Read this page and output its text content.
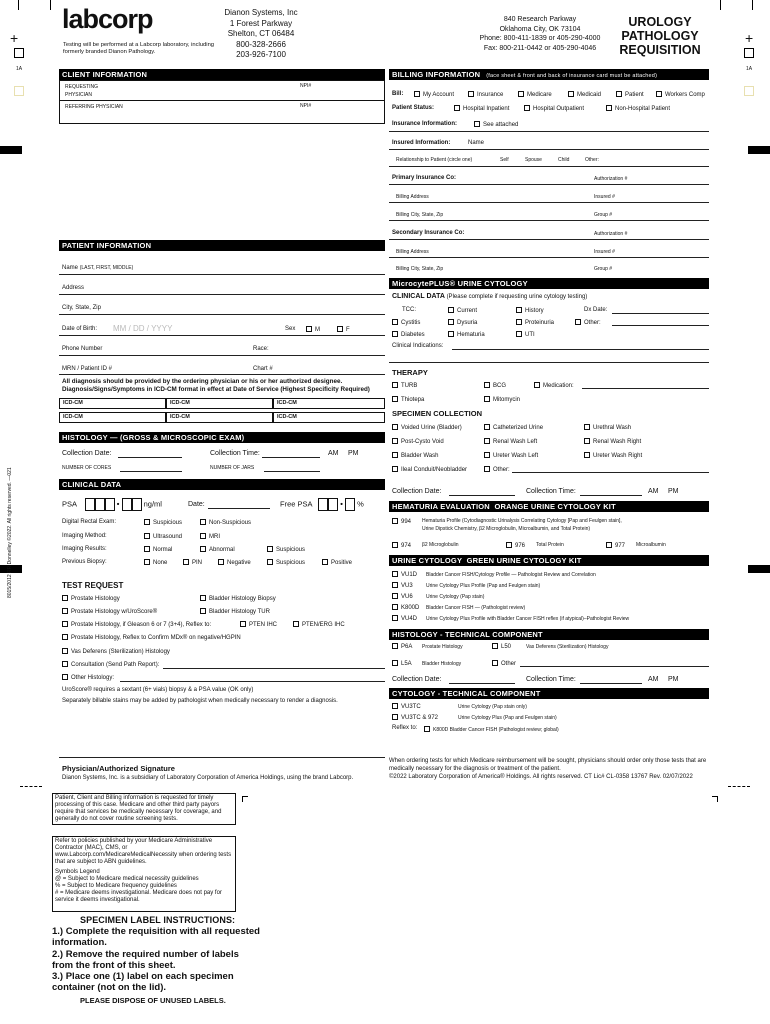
+	+
1A	1A
8015/2012 RR Donnelley ©2022. All rights reserved. —021
labcorp
Testing will be performed at a Labcorp laboratory, including formerly branded Dianon Pathology.
Dianon Systems, Inc
1 Forest Parkway
Shelton, CT 06484
800-328-2666
203-926-7100
840 Research Parkway
Oklahoma City, OK 73104
Phone: 800-411-1839 or 405-290-4000
Fax: 800-211-0442 or 405-290-4046
UROLOGY
PATHOLOGY
REQUISITION
CLIENT INFORMATION
REQUESTING PHYSICIAN
NPI#
REFERRING PHYSICIAN	NPI#
BILLING INFORMATION (face sheet & front and back of insurance card must be attached)
Bill:	My Account	Insurance	Medicare	Medicaid	Patient	Workers Comp
Patient Status:	Hospital Inpatient	Hospital Outpatient	Non-Hospital Patient
Insurance Information:	See attached
Insured Information:	Name
Relationship to Patient (circle one)	Self	Spouse	Child	Other:
Primary Insurance Co:	Authorization #
Billing Address	Insured #
Billing City, State, Zip	Group #
Secondary Insurance Co:	Authorization #
Billing Address	Insured #
Billing City, State, Zip	Group #
PATIENT INFORMATION
Name (LAST, FIRST, MIDDLE)
Address
City, State, Zip
Date of Birth: MM / DD / YYYY	Sex	M	F
Phone Number	Race:
MRN / Patient ID #	Chart #
All diagnosis should be provided by the ordering physician or his or her authorized designee.
Diagnosis/Signs/Symptoms in ICD-CM format in effect at Date of Service (Highest Specificity Required)
ICD-CM	ICD-CM	ICD-CM
ICD-CM	ICD-CM	ICD-CM
HISTOLOGY — (GROSS & MICROSCOPIC EXAM)
Collection Date:	Collection Time:	AM PM
NUMBER OF CORES	NUMBER OF JARS
CLINICAL DATA
PSA	•	ng/ml	Date:	Free PSA	• %
Digital Rectal Exam:	Suspicious	Non-Suspicious
Imaging Method:	Ultrasound	MRI
Imaging Results:	Normal	Abnormal	Suspicious
Previous Biopsy:	None	PIN	Negative	Suspicious	Positive
TEST REQUEST
Prostate Histology	Bladder Histology Biopsy
Prostate Histology w/UroScore®	Bladder Histology TUR
Prostate Histology, if Gleason 6 or 7 (3+4), Reflex to:	PTEN IHC	PTEN/ERG IHC
Prostate Histology, Reflex to Confirm MDx® on negative/HGPIN
Vas Deferens (Sterilization) Histology
Consultation (Send Path Report):
Other Histology:
UroScore® requires a sextant (6+ vials) biopsy & a PSA value (OK only)
Separately billable stains may be added by pathologist when medically necessary to render a diagnosis.
MicrocytePLUS® URINE CYTOLOGY
CLINICAL DATA (Please complete if requesting urine cytology testing)
TCC:	Current	History	Dx Date:
Cystitis	Dysuria	Proteinuria	Other:
Diabetes	Hematuria	UTI
Clinical Indications:
THERAPY
TURB	BCG	Medication:
Thiotepa	Mitomycin
SPECIMEN COLLECTION
Voided Urine (Bladder)	Catheterized Urine	Urethral Wash
Post-Cysto Void	Renal Wash Left	Renal Wash Right
Bladder Wash	Ureter Wash Left	Ureter Wash Right
Ileal Conduit/Neobladder	Other:
Collection Date:	Collection Time:	AM PM
HEMATURIA EVALUATION ORANGE URINE CYTOLOGY KIT
994 Hematuria Profile (Cytodiagnostic Urinalysis Correlating Cytology [Pap and Feulgen stain],
Urine Dipstick Chemistry, β2 Microglobulin, Microalbumin, and Total Protein)
974 β2 Microglobulin	976 Total Protein	977 Microalbumin
URINE CYTOLOGY GREEN URINE CYTOLOGY KIT
VU1D Bladder Cancer FISH/Cytology Profile — Pathologist Review and Correlation
VU3	Urine Cytology Plus Profile (Pap and Feulgen stain)
VU6	Urine Cytology (Pap stain)
K800D Bladder Cancer FISH — (Pathologist review)
VU4D Urine Cytology Plus Profile with Bladder Cancer FISH reflex (if atypical)–Pathologist Review
HISTOLOGY - TECHNICAL COMPONENT
P6A Prostate Histology	L50	Vas Deferens (Sterilization) Histology
L5A Bladder Histology	Other
Collection Date:	Collection Time:	AM PM
CYTOLOGY - TECHNICAL COMPONENT
VU3TC	Urine Cytology (Pap stain only)
VU3TC & 972	Urine Cytology Plus (Pap and Feulgen stain)
Reflex to:	K800D Bladder Cancer FISH (Pathologist review; global)
Physician/Authorized Signature
Dianon Systems, Inc. is a subsidiary of Laboratory Corporation of America Holdings, using the brand Labcorp.
When ordering tests for which Medicare reimbursement will be sought, physicians should order only those tests that are medically necessary for the diagnosis or treatment of the patient.
©2022 Laboratory Corporation of America® Holdings. All rights reserved. CT Lic# CL-0358 13767 Rev. 02/07/2022
Patient, Client and Billing information is requested for timely processing of this case. Medicare and other third party payors require that services be medically necessary for coverage, and generally do not cover routine screening tests.
Refer to policies published by your Medicare Administrative Contractor (MAC), CMS, or www.Labcorp.com/MedicareMedicalNecessity when ordering tests that are subject to ABN guidelines.
Symbols Legend
@ = Subject to Medicare medical necessity guidelines
% = Subject to Medicare frequency guidelines
# = Medicare deems investigational. Medicare does not pay for service it deems investigational.
SPECIMEN LABEL INSTRUCTIONS:
1.) Complete the requisition with all requested information.
2.) Remove the required number of labels from the front of this sheet.
3.) Place one (1) label on each specimen container (not on the lid).
PLEASE DISPOSE OF UNUSED LABELS.
